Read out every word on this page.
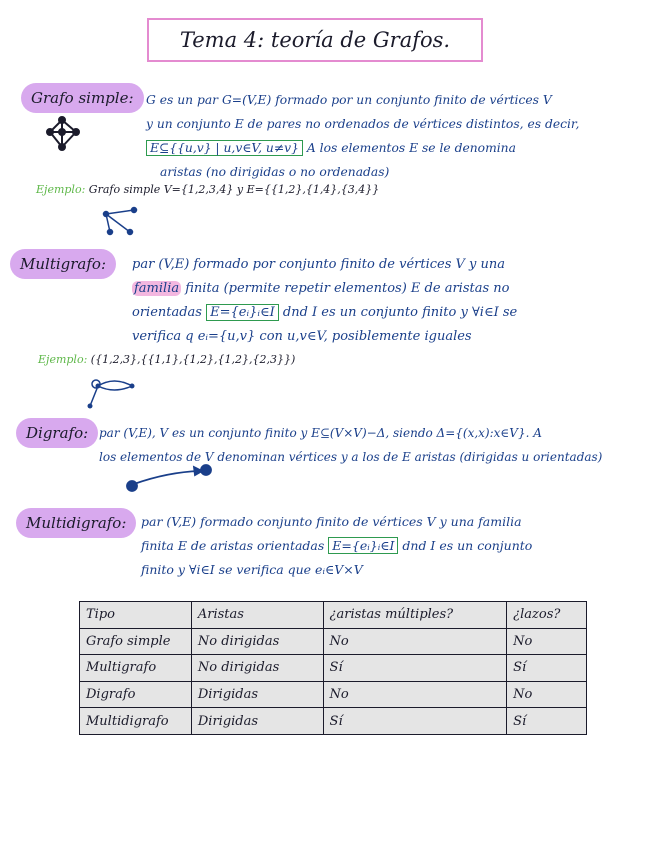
Tema 4: teoría de Grafos.
Grafo simple:	G es un par G=(V,E) formado por un conjunto finito de vértices V
y un conjunto E de pares no ordenados de vértices distintos, es decir,
E⊆{{u,v} | u,v∈V, u≠v} A los elementos E se le denomina
aristas (no dirigidas o no ordenadas)
Ejemplo: Grafo simple V={1,2,3,4} y E={{1,2},{1,4},{3,4}}
Multigrafo:	par (V,E) formado por conjunto finito de vértices V y una
familia finita (permite repetir elementos) E de aristas no
orientadas E={eᵢ}ᵢ∈I dnd I es un conjunto finito y ∀i∈I se
verifica q eᵢ={u,v} con u,v∈V, posiblemente iguales
Ejemplo: ({1,2,3},{{1,1},{1,2},{1,2},{2,3}})
Digrafo: par (V,E), V es un conjunto finito y E⊆(V×V)−Δ, siendo Δ={(x,x):x∈V}. A
los elementos de V denominan vértices y a los de E aristas (dirigidas u orientadas)
Multidigrafo:	par (V,E) formado conjunto finito de vértices V y una familia
finita E de aristas orientadas E={eᵢ}ᵢ∈I dnd I es un conjunto
finito y ∀i∈I se verifica que eᵢ∈V×V
Tipo	Aristas	¿aristas múltiples?	¿lazos?
Grafo simple	No dirigidas	No	No
Multigrafo	No dirigidas	Sí	Sí
Digrafo	Dirigidas	No	No
Multidigrafo	Dirigidas	Sí	Sí
